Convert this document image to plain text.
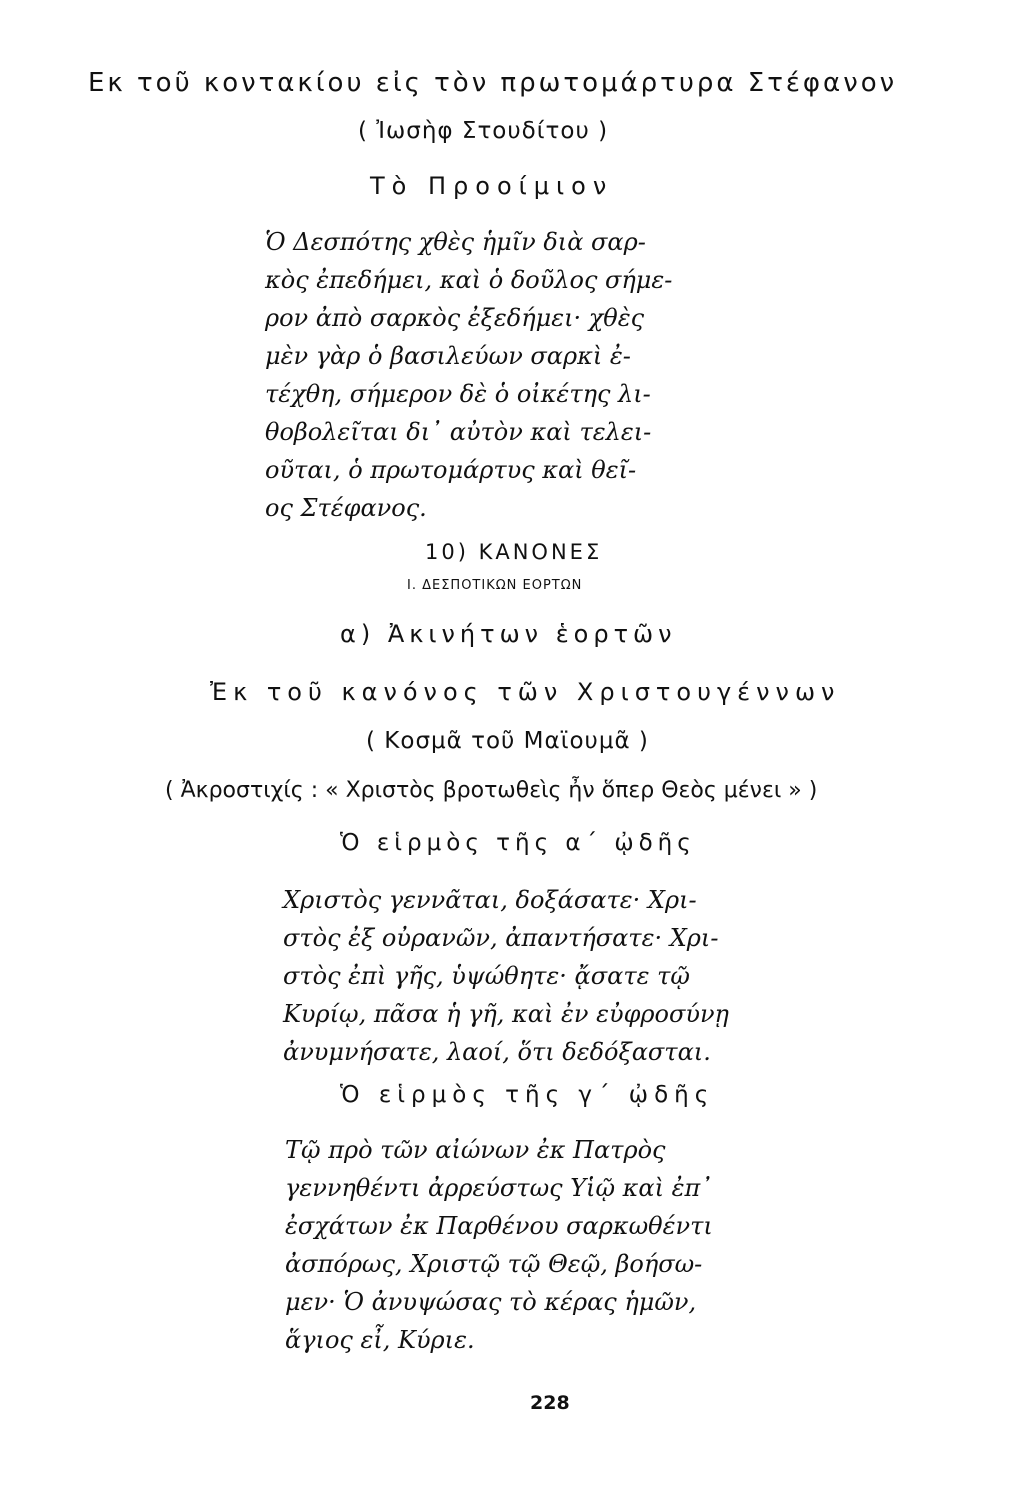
Εκ τοῦ κοντακίου εἰς τὸν πρωτομάρτυρα Στέφανον
( Ἰωσὴφ Στουδίτου )
Τὸ Προοίμιον
Ὁ Δεσπότης χθὲς ἡμῖν διὰ σαρ-
κὸς ἐπεδήμει, καὶ ὁ δοῦλος σήμε-
ρον ἀπὸ σαρκὸς ἐξεδήμει· χθὲς
μὲν γὰρ ὁ βασιλεύων σαρκὶ ἐ-
τέχθη, σήμερον δὲ ὁ οἰκέτης λι-
θοβολεῖται δι᾿ αὐτὸν καὶ τελει-
οῦται, ὁ πρωτομάρτυς καὶ θεῖ-
ος Στέφανος.
10) ΚΑΝΟΝΕΣ
I. ΔΕΣΠΟΤΙΚΩΝ ΕΟΡΤΩΝ
α) Ἀκινήτων ἑορτῶν
Ἐκ τοῦ κανόνος τῶν Χριστουγέννων
( Κοσμᾶ τοῦ Μαϊουμᾶ )
( Ἀκροστιχίς : « Χριστὸς βροτωθεὶς ἦν ὅπερ Θεὸς μένει » )
Ὁ εἱρμὸς τῆς α΄ ᾠδῆς
Χριστὸς γεννᾶται, δοξάσατε· Χρι-
στὸς ἐξ οὐρανῶν, ἀπαντήσατε· Χρι-
στὸς ἐπὶ γῆς, ὑψώθητε· ᾄσατε τῷ
Κυρίῳ, πᾶσα ἡ γῆ, καὶ ἐν εὐφροσύνῃ
ἀνυμνήσατε, λαοί, ὅτι δεδόξασται.
Ὁ εἱρμὸς τῆς γ΄ ᾠδῆς
Τῷ πρὸ τῶν αἰώνων ἐκ Πατρὸς
γεννηθέντι ἀρρεύστως Υἱῷ καὶ ἐπ᾿
ἐσχάτων ἐκ Παρθένου σαρκωθέντι
ἀσπόρως, Χριστῷ τῷ Θεῷ, βοήσω-
μεν· Ὁ ἀνυψώσας τὸ κέρας ἡμῶν,
ἅγιος εἶ, Κύριε.
228
